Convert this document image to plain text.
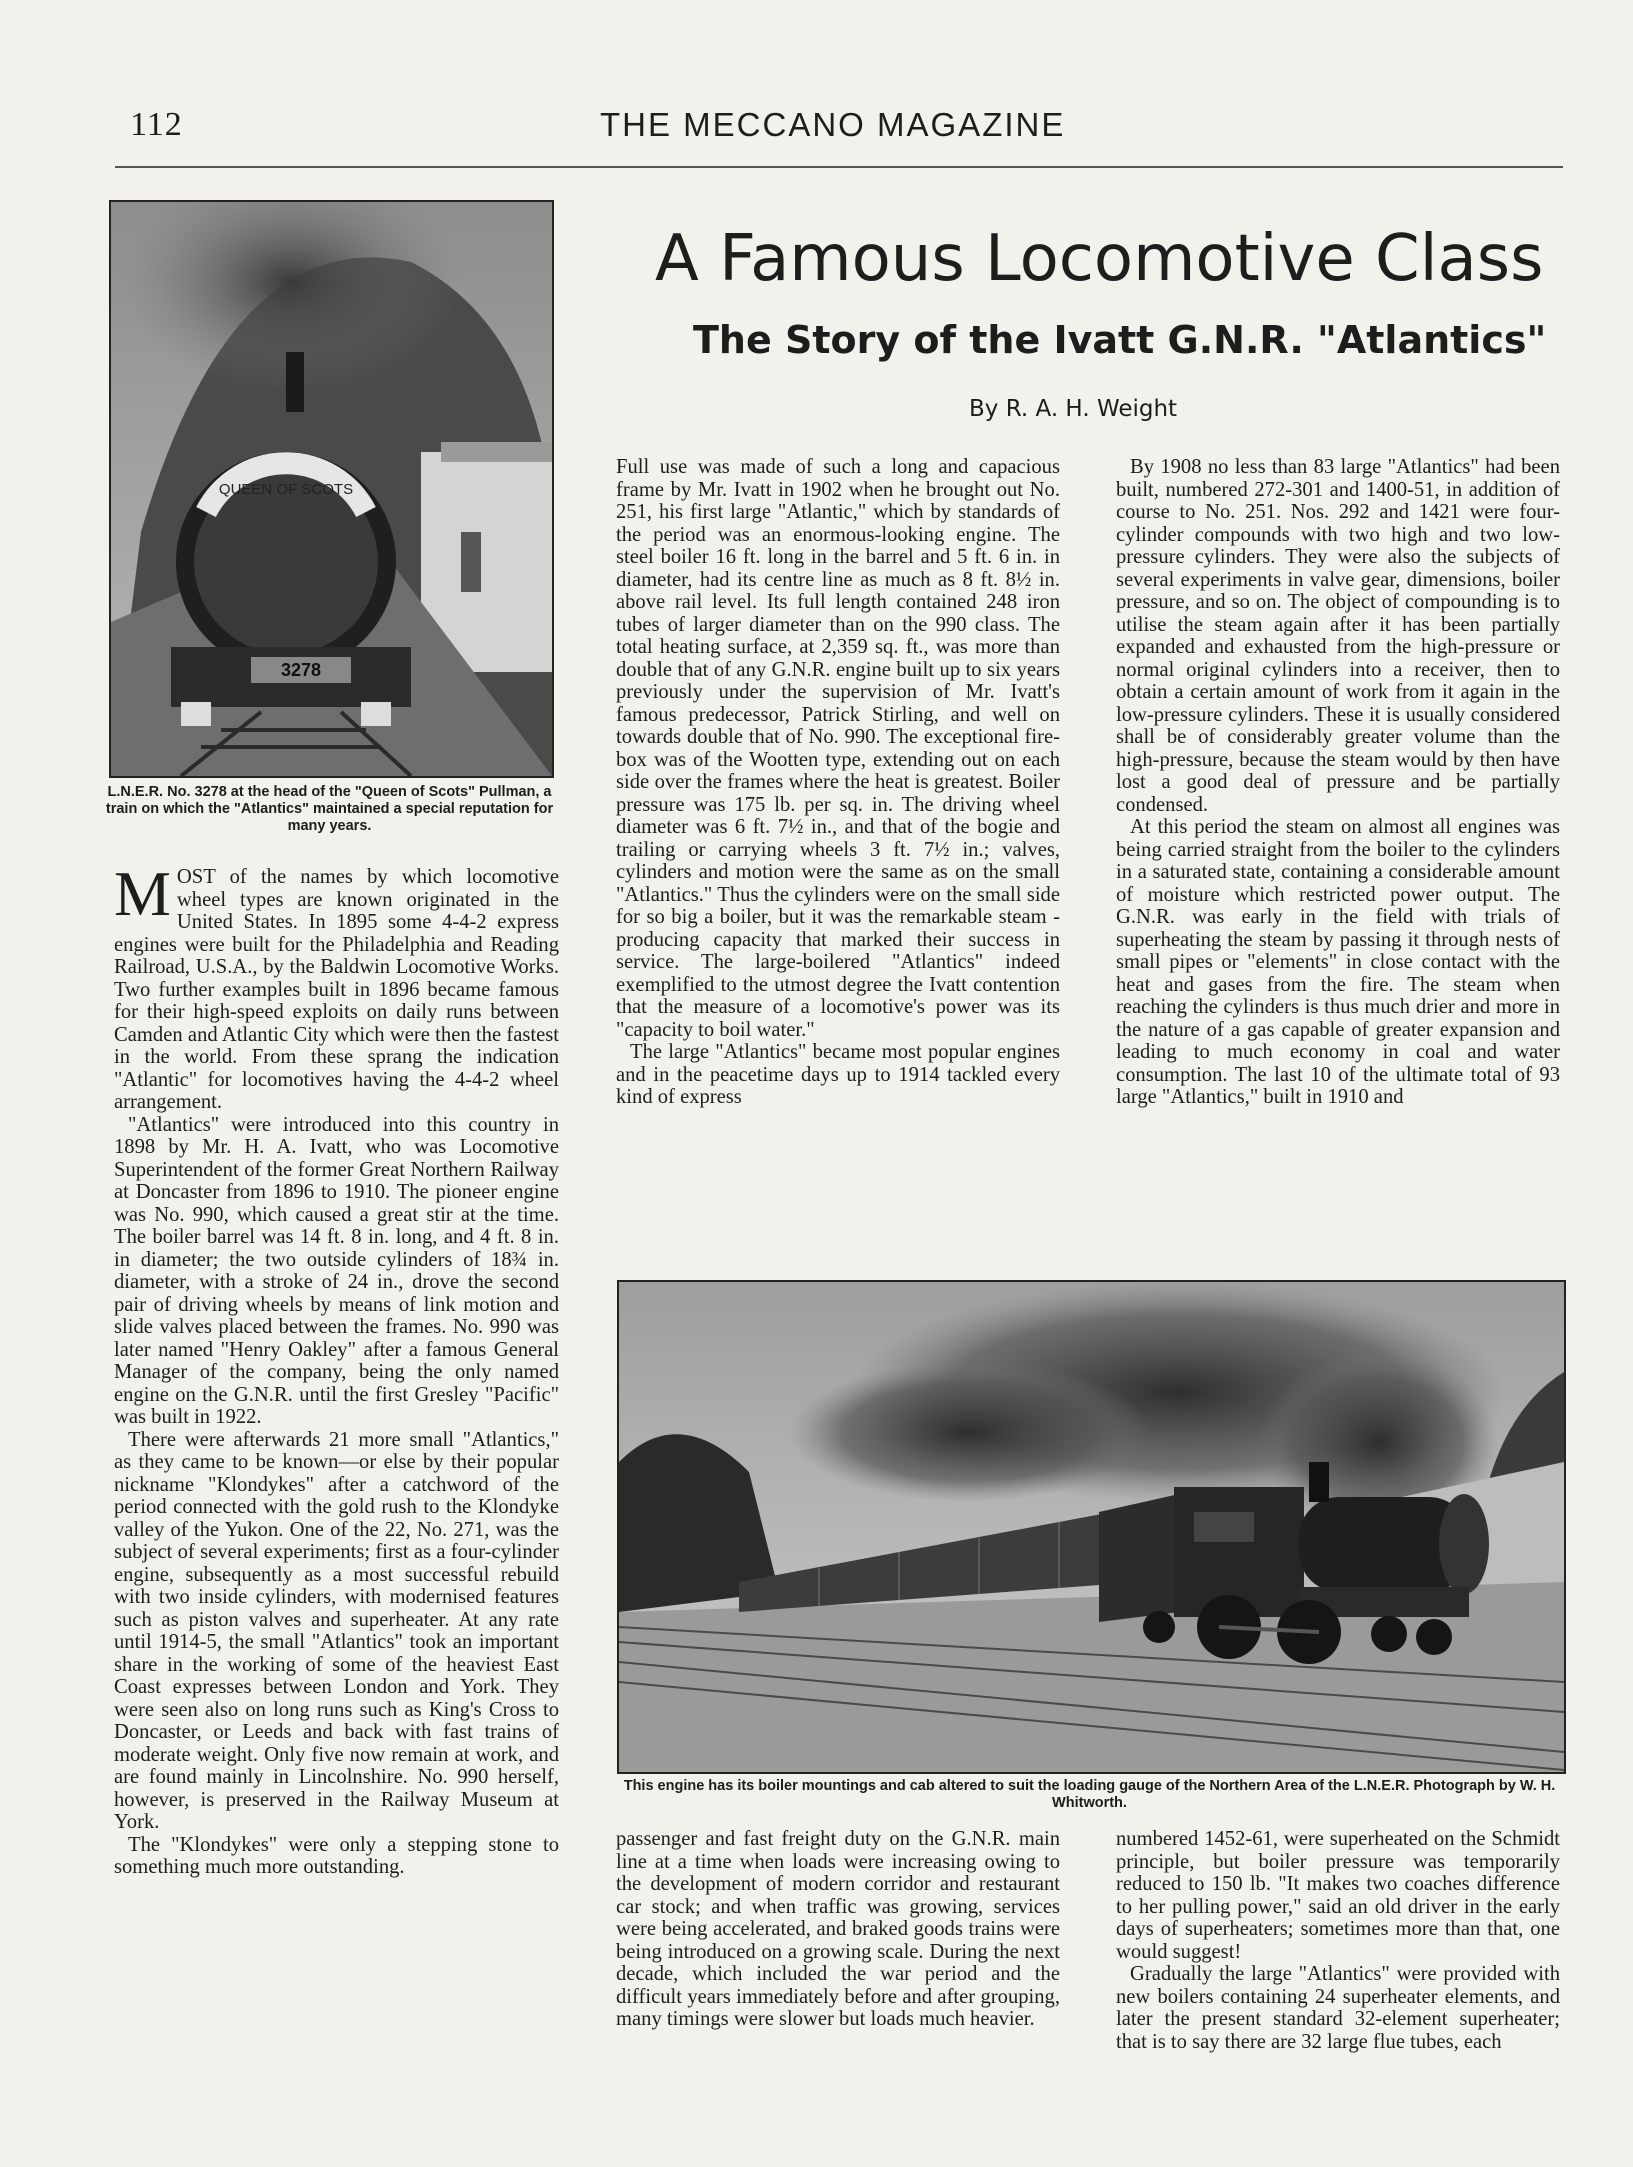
112	THE MECCANO MAGAZINE
A Famous Locomotive Class
The Story of the Ivatt G.N.R. "Atlantics"
By R. A. H. Weight
QUEEN OF SCOTS
3278
L.N.E.R. No. 3278 at the head of the "Queen of Scots" Pullman, a train on which the "Atlantics" maintained a special reputation for many years.

MOST of the names by which locomotive wheel types are known originated in the United States. In 1895 some 4-4-2 express engines were built for the Philadelphia and Reading Railroad, U.S.A., by the Baldwin Locomotive Works. Two further examples built in 1896 became famous for their high-speed exploits on daily runs between Camden and Atlantic City which were then the fastest in the world. From these sprang the indication "Atlantic" for locomotives having the 4-4-2 wheel arrangement.

"Atlantics" were introduced into this country in 1898 by Mr. H. A. Ivatt, who was Locomotive Superintendent of the former Great Northern Railway at Doncaster from 1896 to 1910. The pioneer engine was No. 990, which caused a great stir at the time. The boiler barrel was 14 ft. 8 in. long, and 4 ft. 8 in. in diameter; the two outside cylinders of 18¾ in. diameter, with a stroke of 24 in., drove the second pair of driving wheels by means of link motion and slide valves placed between the frames. No. 990 was later named "Henry Oakley" after a famous General Manager of the company, being the only named engine on the G.N.R. until the first Gresley "Pacific" was built in 1922.

There were afterwards 21 more small "Atlantics," as they came to be known—or else by their popular nickname "Klondykes" after a catchword of the period connected with the gold rush to the Klondyke valley of the Yukon. One of the 22, No. 271, was the subject of several experiments; first as a four-cylinder engine, subsequently as a most successful rebuild with two inside cylinders, with modernised features such as piston valves and superheater. At any rate until 1914-5, the small "Atlantics" took an important share in the working of some of the heaviest East Coast expresses between London and York. They were seen also on long runs such as King's Cross to Doncaster, or Leeds and back with fast trains of moderate weight. Only five now remain at work, and are found mainly in Lincolnshire. No. 990 herself, however, is preserved in the Railway Museum at York.

The "Klondykes" were only a stepping stone to something much more outstanding.

Full use was made of such a long and capacious frame by Mr. Ivatt in 1902 when he brought out No. 251, his first large "Atlantic," which by standards of the period was an enormous-looking engine. The steel boiler 16 ft. long in the barrel and 5 ft. 6 in. in diameter, had its centre line as much as 8 ft. 8½ in. above rail level. Its full length contained 248 iron tubes of larger diameter than on the 990 class. The total heating surface, at 2,359 sq. ft., was more than double that of any G.N.R. engine built up to six years previously under the supervision of Mr. Ivatt's famous predecessor, Patrick Stirling, and well on towards double that of No. 990. The exceptional fire-box was of the Wootten type, extending out on each side over the frames where the heat is greatest. Boiler pressure was 175 lb. per sq. in. The driving wheel diameter was 6 ft. 7½ in., and that of the bogie and trailing or carrying wheels 3 ft. 7½ in.; valves, cylinders and motion were the same as on the small "Atlantics." Thus the cylinders were on the small side for so big a boiler, but it was the remarkable steam - producing capacity that marked their success in service. The large-boilered "Atlantics" indeed exemplified to the utmost degree the Ivatt contention that the measure of a locomotive's power was its "capacity to boil water."

The large "Atlantics" became most popular engines and in the peacetime days up to 1914 tackled every kind of express

By 1908 no less than 83 large "Atlantics" had been built, numbered 272-301 and 1400-51, in addition of course to No. 251. Nos. 292 and 1421 were four-cylinder compounds with two high and two low-pressure cylinders. They were also the subjects of several experiments in valve gear, dimensions, boiler pressure, and so on. The object of compounding is to utilise the steam again after it has been partially expanded and exhausted from the high-pressure or normal original cylinders into a receiver, then to obtain a certain amount of work from it again in the low-pressure cylinders. These it is usually considered shall be of considerably greater volume than the high-pressure, because the steam would by then have lost a good deal of pressure and be partially condensed.

At this period the steam on almost all engines was being carried straight from the boiler to the cylinders in a saturated state, containing a considerable amount of moisture which restricted power output. The G.N.R. was early in the field with trials of superheating the steam by passing it through nests of small pipes or "elements" in close contact with the heat and gases from the fire. The steam when reaching the cylinders is thus much drier and more in the nature of a gas capable of greater expansion and leading to much economy in coal and water consumption. The last 10 of the ultimate total of 93 large "Atlantics," built in 1910 and

This engine has its boiler mountings and cab altered to suit the loading gauge of the Northern Area of the L.N.E.R. Photograph by W. H. Whitworth.

passenger and fast freight duty on the G.N.R. main line at a time when loads were increasing owing to the development of modern corridor and restaurant car stock; and when traffic was growing, services were being accelerated, and braked goods trains were being introduced on a growing scale. During the next decade, which included the war period and the difficult years immediately before and after grouping, many timings were slower but loads much heavier.

numbered 1452-61, were superheated on the Schmidt principle, but boiler pressure was temporarily reduced to 150 lb. "It makes two coaches difference to her pulling power," said an old driver in the early days of superheaters; sometimes more than that, one would suggest!

Gradually the large "Atlantics" were provided with new boilers containing 24 superheater elements, and later the present standard 32-element superheater; that is to say there are 32 large flue tubes, each
